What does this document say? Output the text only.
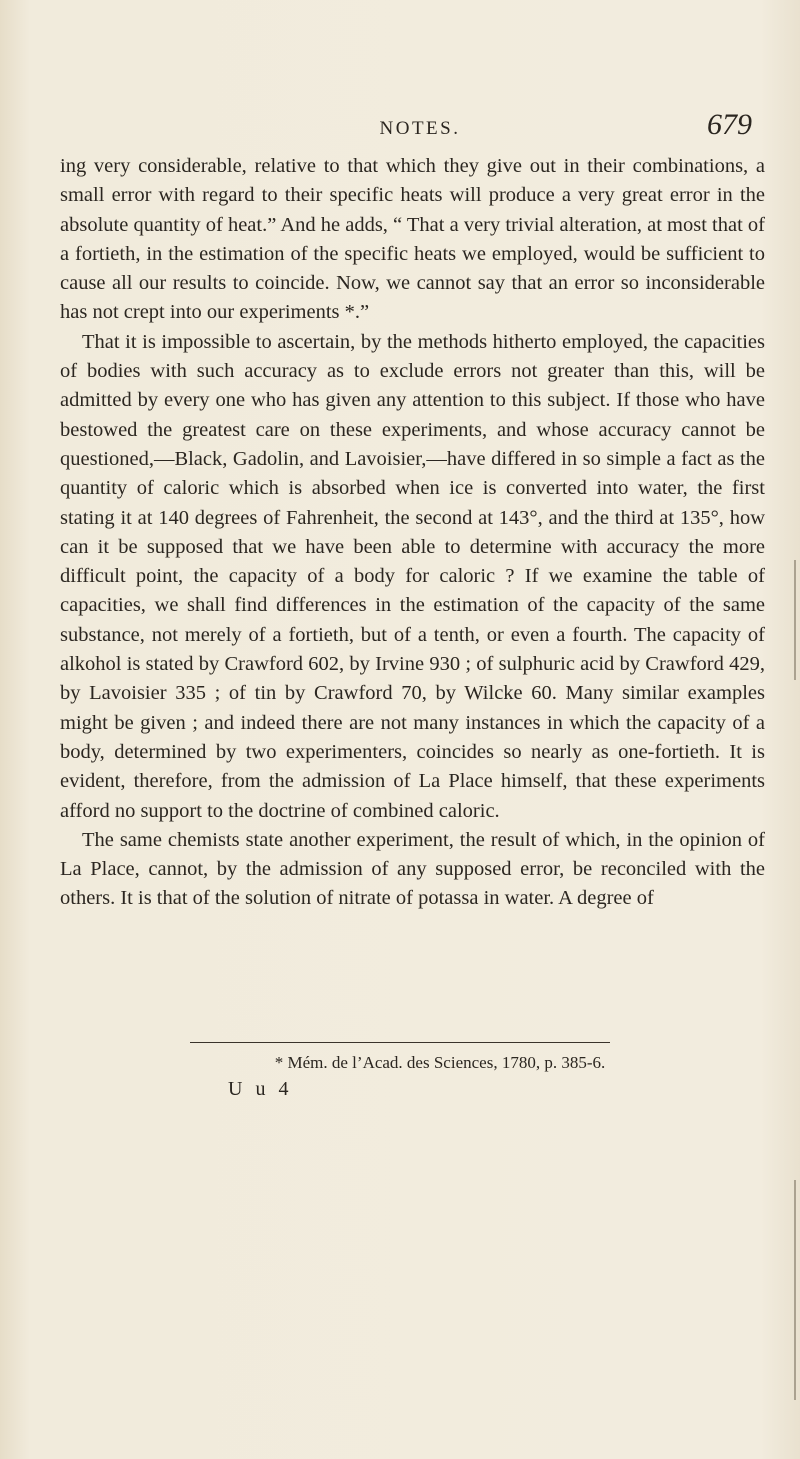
NOTES.	679

ing very considerable, relative to that which they give out in their combinations, a small error with regard to their specific heats will produce a very great error in the absolute quantity of heat.” And he adds, “ That a very trivial alteration, at most that of a fortieth, in the estimation of the specific heats we employed, would be sufficient to cause all our results to coincide. Now, we cannot say that an error so inconsiderable has not crept into our experiments *.”

That it is impossible to ascertain, by the methods hitherto employed, the capacities of bodies with such accuracy as to exclude errors not greater than this, will be admitted by every one who has given any attention to this subject. If those who have bestowed the greatest care on these experiments, and whose accuracy cannot be questioned,—Black, Gadolin, and Lavoisier,—have differed in so simple a fact as the quantity of caloric which is absorbed when ice is converted into water, the first stating it at 140 degrees of Fahrenheit, the second at 143°, and the third at 135°, how can it be supposed that we have been able to determine with accuracy the more difficult point, the capacity of a body for caloric ? If we examine the table of capacities, we shall find differences in the estimation of the capacity of the same substance, not merely of a fortieth, but of a tenth, or even a fourth. The capacity of alkohol is stated by Crawford 602, by Irvine 930 ; of sulphuric acid by Crawford 429, by Lavoisier 335 ; of tin by Crawford 70, by Wilcke 60. Many similar examples might be given ; and indeed there are not many instances in which the capacity of a body, determined by two experimenters, coincides so nearly as one-fortieth. It is evident, therefore, from the admission of La Place himself, that these experiments afford no support to the doctrine of combined caloric.

The same chemists state another experiment, the result of which, in the opinion of La Place, cannot, by the admission of any supposed error, be reconciled with the others. It is that of the solution of nitrate of potassa in water. A degree of

* Mém. de l’Acad. des Sciences, 1780, p. 385-6.
U u 4
